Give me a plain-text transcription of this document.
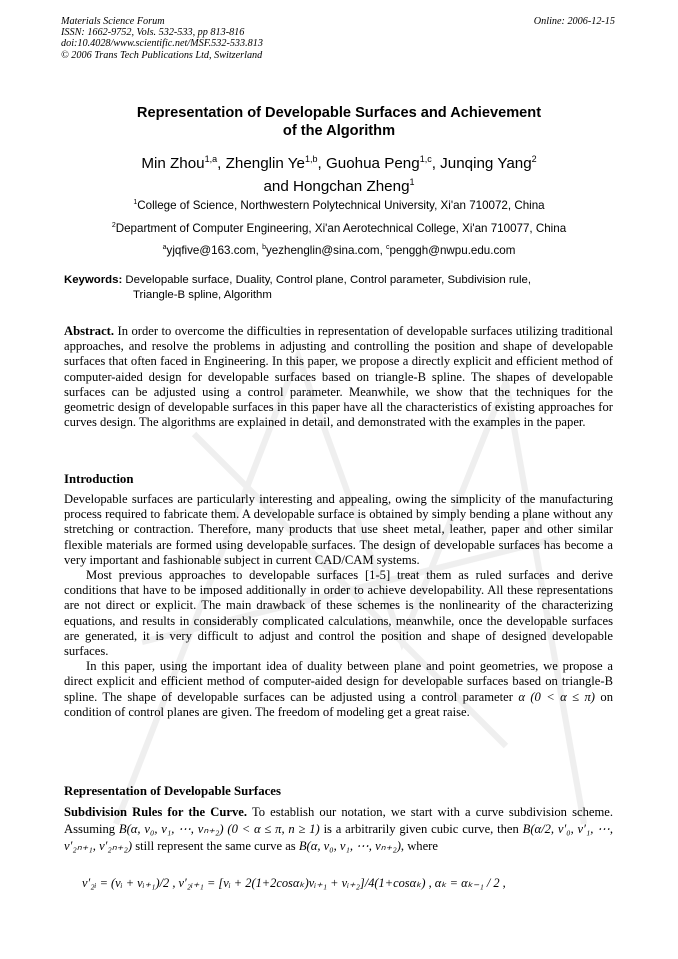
Materials Science Forum
ISSN: 1662-9752, Vols. 532-533, pp 813-816
doi:10.4028/www.scientific.net/MSF.532-533.813
© 2006 Trans Tech Publications Ltd, Switzerland
Online: 2006-12-15
Representation of Developable Surfaces and Achievement
of the Algorithm
Min Zhou$^{1,a}$, Zhenglin Ye$^{1,b}$, Guohua Peng$^{1,c}$, Junqing Yang$^2$
and Hongchan Zheng$^1$
$^1$College of Science, Northwestern Polytechnical University, Xi'an 710072, China
$^2$Department of Computer Engineering, Xi'an Aerotechnical College, Xi'an 710077, China
$^a$yjqfive@163.com, $^b$yezhenglin@sina.com, $^c$penggh@nwpu.edu.com
Keywords: Developable surface, Duality, Control plane, Control parameter, Subdivision rule,
Triangle-B spline, Algorithm
Abstract. In order to overcome the difficulties in representation of developable surfaces utilizing traditional approaches, and resolve the problems in adjusting and controlling the position and shape of developable surfaces that often faced in Engineering. In this paper, we propose a directly explicit and efficient method of computer-aided design for developable surfaces based on triangle-B spline. The shapes of developable surfaces can be adjusted using a control parameter. Meanwhile, we show that the techniques for the geometric design of developable surfaces in this paper have all the characteristics of existing approaches for curves design. The algorithms are explained in detail, and demonstrated with the examples in the paper.
Introduction
Developable surfaces are particularly interesting and appealing, owing the simplicity of the manufacturing process required to fabricate them. A developable surface is obtained by simply bending a plane without any stretching or contraction. Therefore, many products that use sheet metal, leather, paper and other similar flexible materials are formed using developable surfaces. The design of developable surfaces has become a very important and fashionable subject in current CAD/CAM systems.
Most previous approaches to developable surfaces [1-5] treat them as ruled surfaces and derive conditions that have to be imposed additionally in order to achieve developability. All these representations are not direct or explicit. The main drawback of these schemes is the nonlinearity of the characterizing equations, and results in considerably complicated calculations, meanwhile, once the developable surfaces are generated, it is very difficult to adjust and control the position and shape of designed developable surfaces.
In this paper, using the important idea of duality between plane and point geometries, we propose a direct explicit and efficient method of computer-aided design for developable surfaces based on triangle-B spline. The shape of developable surfaces can be adjusted using a control parameter α (0 < α ≤ π) on condition of control planes are given. The freedom of modeling get a great raise.
Representation of Developable Surfaces
Subdivision Rules for the Curve. To establish our notation, we start with a curve subdivision scheme. Assuming B(α, v₀, v₁, ⋯, vₙ₊₂) (0 < α ≤ π, n ≥ 1) is a arbitrarily given cubic curve, then B(α/2, v′₀, v′₁, ⋯, v′₂ₙ₊₁, v′₂ₙ₊₂) still represent the same curve as B(α, v₀, v₁, ⋯, vₙ₊₂), where
v′₂ᵢ = (vᵢ + vᵢ₊₁)/2 , v′₂ᵢ₊₁ = [vᵢ + 2(1+2cosαₖ)vᵢ₊₁ + vᵢ₊₂]/4(1+cosαₖ) , αₖ = αₖ₋₁ / 2 ,
